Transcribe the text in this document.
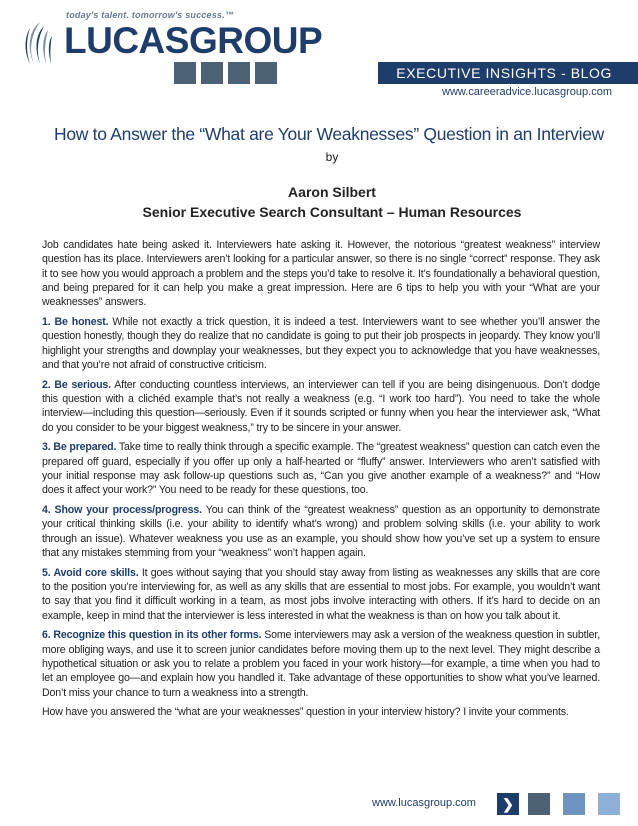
today's talent. tomorrow's success.™
LUCASGROUP
EXECUTIVE INSIGHTS - BLOG
www.careeradvice.lucasgroup.com
How to Answer the “What are Your Weaknesses” Question in an Interview
by
Aaron Silbert
Senior Executive Search Consultant – Human Resources

Job candidates hate being asked it. Interviewers hate asking it. However, the notorious “greatest weakness” interview question has its place. Interviewers aren’t looking for a particular answer, so there is no single “correct” response. They ask it to see how you would approach a problem and the steps you’d take to resolve it. It’s foundationally a behavioral question, and being prepared for it can help you make a great impression. Here are 6 tips to help you with your “What are your weaknesses” answers.

1. Be honest. While not exactly a trick question, it is indeed a test. Interviewers want to see whether you’ll answer the question honestly, though they do realize that no candidate is going to put their job prospects in jeopardy. They know you’ll highlight your strengths and downplay your weaknesses, but they expect you to acknowledge that you have weaknesses, and that you’re not afraid of constructive criticism.

2. Be serious. After conducting countless interviews, an interviewer can tell if you are being disingenuous. Don’t dodge this question with a clichéd example that’s not really a weakness (e.g. “I work too hard”). You need to take the whole interview—including this question—seriously. Even if it sounds scripted or funny when you hear the interviewer ask, “What do you consider to be your biggest weakness,” try to be sincere in your answer.

3. Be prepared. Take time to really think through a specific example. The “greatest weakness” question can catch even the prepared off guard, especially if you offer up only a half-hearted or “fluffy” answer. Interviewers who aren’t satisfied with your initial response may ask follow-up questions such as, “Can you give another example of a weakness?” and “How does it affect your work?” You need to be ready for these questions, too.

4. Show your process/progress. You can think of the “greatest weakness” question as an opportunity to demonstrate your critical thinking skills (i.e. your ability to identify what’s wrong) and problem solving skills (i.e. your ability to work through an issue). Whatever weakness you use as an example, you should show how you’ve set up a system to ensure that any mistakes stemming from your “weakness” won’t happen again.

5. Avoid core skills. It goes without saying that you should stay away from listing as weaknesses any skills that are core to the position you’re interviewing for, as well as any skills that are essential to most jobs. For example, you wouldn’t want to say that you find it difficult working in a team, as most jobs involve interacting with others. If it’s hard to decide on an example, keep in mind that the interviewer is less interested in what the weakness is than on how you talk about it.

6. Recognize this question in its other forms. Some interviewers may ask a version of the weakness question in subtler, more obliging ways, and use it to screen junior candidates before moving them up to the next level. They might describe a hypothetical situation or ask you to relate a problem you faced in your work history—for example, a time when you had to let an employee go—and explain how you handled it. Take advantage of these opportunities to show what you’ve learned. Don’t miss your chance to turn a weakness into a strength.

How have you answered the “what are your weaknesses” question in your interview history? I invite your comments.

www.lucasgroup.com	❯
